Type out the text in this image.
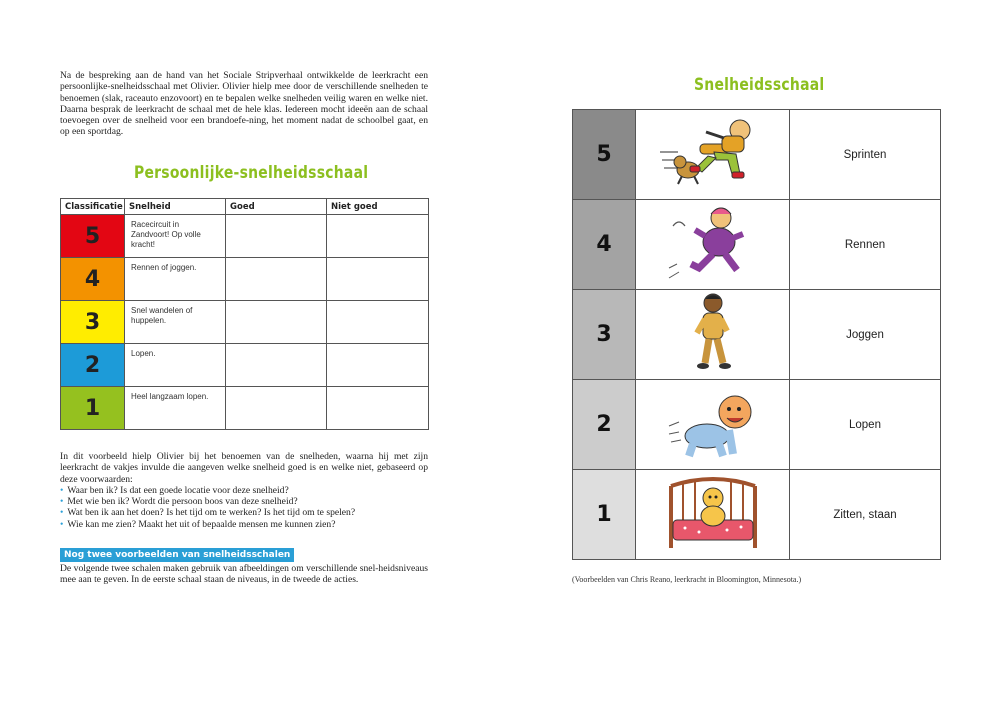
Na de bespreking aan de hand van het Sociale Stripverhaal ontwikkelde de leerkracht een persoonlijke-snelheidsschaal met Olivier. Olivier hielp mee door de verschillende snelheden te benoemen (slak, raceauto enzovoort) en te bepalen welke snelheden veilig waren en welke niet. Daarna besprak de leerkracht de schaal met de hele klas. Iedereen mocht ideeën aan de schaal toevoegen over de snelheid voor een brandoefe-ning, het moment nadat de schoolbel gaat, en op een sportdag.
Persoonlijke-snelheidsschaal
Classificatie	Snelheid	Goed	Niet goed
5	Racecircuit in Zandvoort! Op volle kracht!		
4	Rennen of joggen.		
3	Snel wandelen of huppelen.		
2	Lopen.		
1	Heel langzaam lopen.		
In dit voorbeeld hielp Olivier bij het benoemen van de snelheden, waarna hij met zijn leerkracht de vakjes invulde die aangeven welke snelheid goed is en welke niet, gebaseerd op deze voorwaarden:
• Waar ben ik? Is dat een goede locatie voor deze snelheid?
• Met wie ben ik? Wordt die persoon boos van deze snelheid?
• Wat ben ik aan het doen? Is het tijd om te werken? Is het tijd om te spelen?
• Wie kan me zien? Maakt het uit of bepaalde mensen me kunnen zien?
Nog twee voorbeelden van snelheidsschalen
De volgende twee schalen maken gebruik van afbeeldingen om verschillende snel-heidsniveaus mee aan te geven. In de eerste schaal staan de niveaus, in de tweede de acties.
Snelheidsschaal
5		Sprinten
4		Rennen
3		Joggen
2		Lopen
1		Zitten, staan
(Voorbeelden van Chris Reano, leerkracht in Bloomington, Minnesota.)
